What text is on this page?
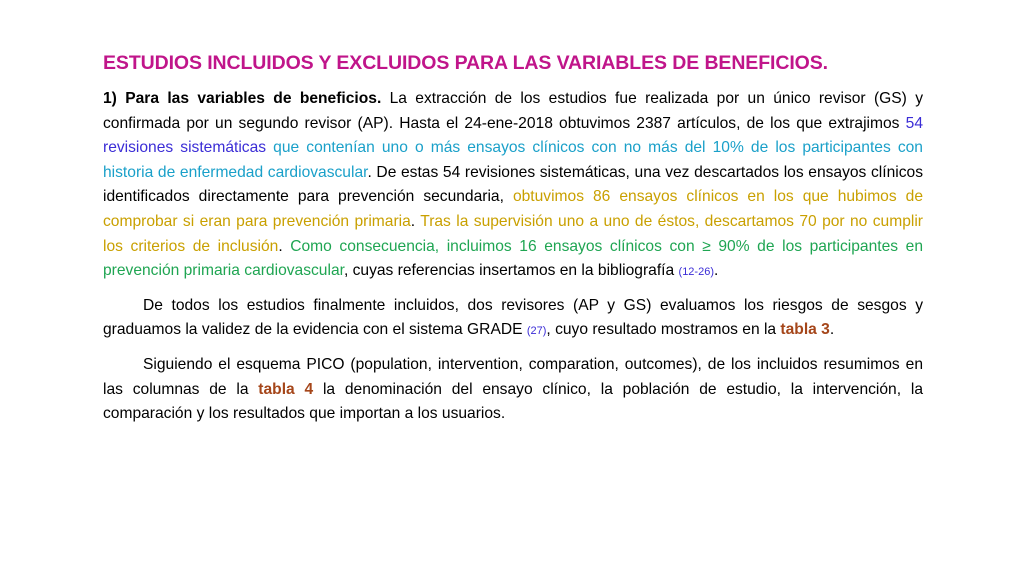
ESTUDIOS INCLUIDOS Y EXCLUIDOS PARA LAS VARIABLES DE BENEFICIOS.

1) Para las variables de beneficios. La extracción de los estudios fue realizada por un único revisor (GS) y confirmada por un segundo revisor (AP). Hasta el 24-ene-2018 obtuvimos 2387 artículos, de los que extrajimos 54 revisiones sistemáticas que contenían uno o más ensayos clínicos con no más del 10% de los participantes con historia de enfermedad cardiovascular. De estas 54 revisiones sistemáticas, una vez descartados los ensayos clínicos identificados directamente para prevención secundaria, obtuvimos 86 ensayos clínicos en los que hubimos de comprobar si eran para prevención primaria. Tras la supervisión uno a uno de éstos, descartamos 70 por no cumplir los criterios de inclusión. Como consecuencia, incluimos 16 ensayos clínicos con ≥ 90% de los participantes en prevención primaria cardiovascular, cuyas referencias insertamos en la bibliografía (12-26).

De todos los estudios finalmente incluidos, dos revisores (AP y GS) evaluamos los riesgos de sesgos y graduamos la validez de la evidencia con el sistema GRADE (27), cuyo resultado mostramos en la tabla 3.

Siguiendo el esquema PICO (population, intervention, comparation, outcomes), de los incluidos resumimos en las columnas de la tabla 4 la denominación del ensayo clínico, la población de estudio, la intervención, la comparación y los resultados que importan a los usuarios.
